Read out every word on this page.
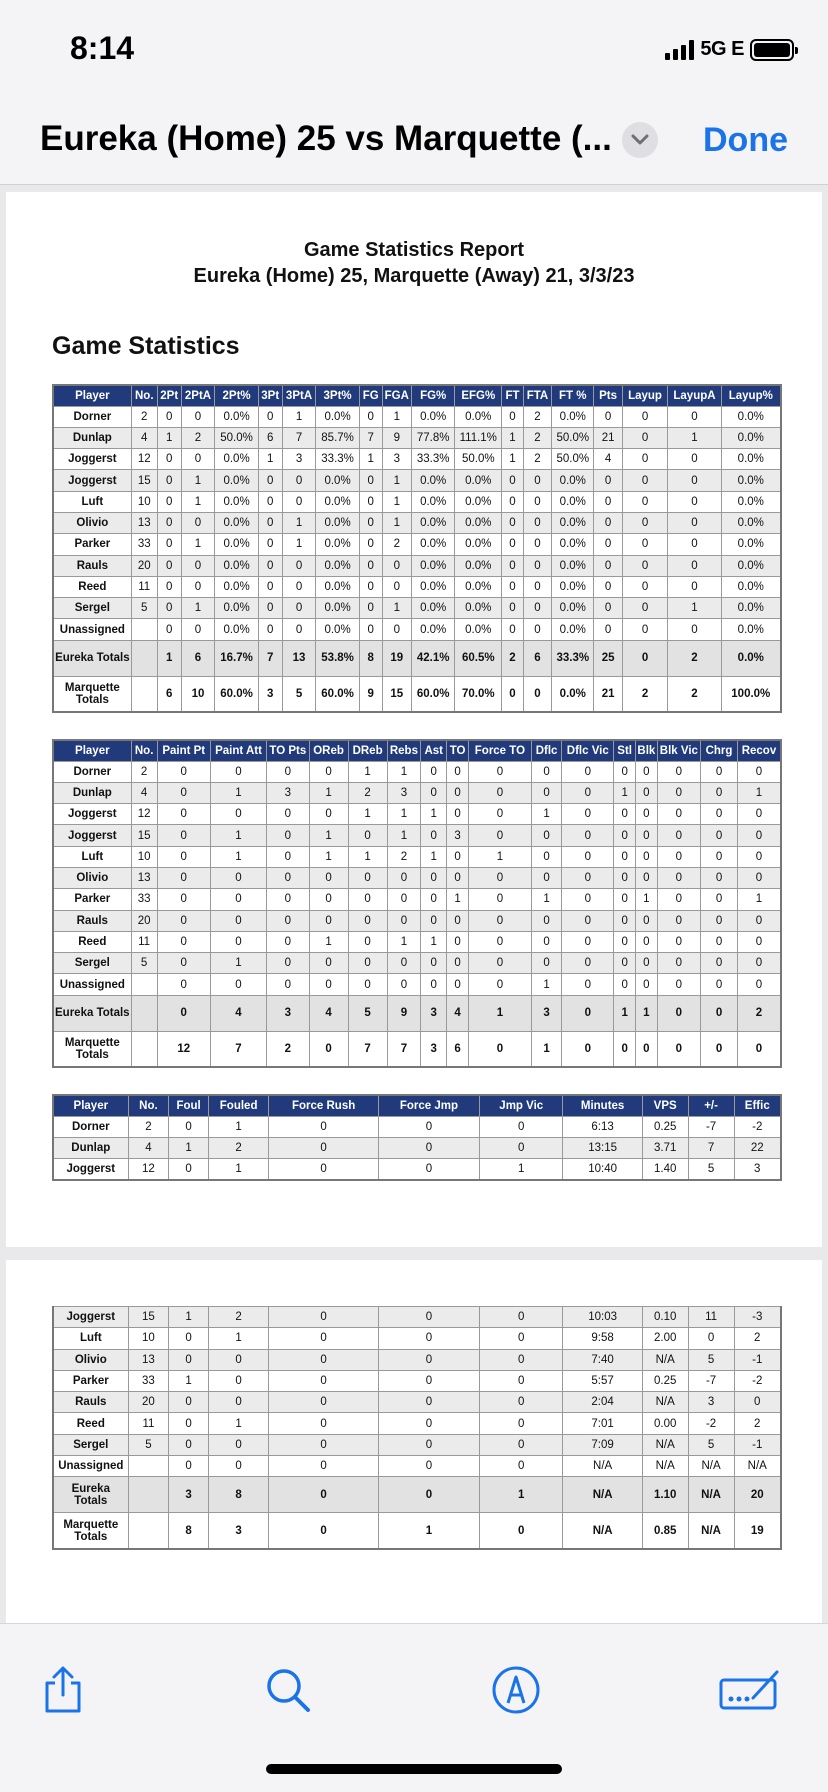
8:14	5G E
Eureka (Home) 25 vs Marquette (...	Done
Game Statistics Report
Eureka (Home) 25, Marquette (Away) 21, 3/3/23
Game Statistics
Player	No.	2Pt	2PtA	2Pt%	3Pt	3PtA	3Pt%	FG	FGA	FG%	EFG%	FT	FTA	FT %	Pts	Layup	LayupA	Layup%
Dorner	2	0	0	0.0%	0	1	0.0%	0	1	0.0%	0.0%	0	2	0.0%	0	0	0	0.0%
Dunlap	4	1	2	50.0%	6	7	85.7%	7	9	77.8%	111.1%	1	2	50.0%	21	0	1	0.0%
Joggerst	12	0	0	0.0%	1	3	33.3%	1	3	33.3%	50.0%	1	2	50.0%	4	0	0	0.0%
Joggerst	15	0	1	0.0%	0	0	0.0%	0	1	0.0%	0.0%	0	0	0.0%	0	0	0	0.0%
Luft	10	0	1	0.0%	0	0	0.0%	0	1	0.0%	0.0%	0	0	0.0%	0	0	0	0.0%
Olivio	13	0	0	0.0%	0	1	0.0%	0	1	0.0%	0.0%	0	0	0.0%	0	0	0	0.0%
Parker	33	0	1	0.0%	0	1	0.0%	0	2	0.0%	0.0%	0	0	0.0%	0	0	0	0.0%
Rauls	20	0	0	0.0%	0	0	0.0%	0	0	0.0%	0.0%	0	0	0.0%	0	0	0	0.0%
Reed	11	0	0	0.0%	0	0	0.0%	0	0	0.0%	0.0%	0	0	0.0%	0	0	0	0.0%
Sergel	5	0	1	0.0%	0	0	0.0%	0	1	0.0%	0.0%	0	0	0.0%	0	0	1	0.0%
Unassigned		0	0	0.0%	0	0	0.0%	0	0	0.0%	0.0%	0	0	0.0%	0	0	0	0.0%
Eureka Totals		1	6	16.7%	7	13	53.8%	8	19	42.1%	60.5%	2	6	33.3%	25	0	2	0.0%
Marquette Totals		6	10	60.0%	3	5	60.0%	9	15	60.0%	70.0%	0	0	0.0%	21	2	2	100.0%
Player	No.	Paint Pt	Paint Att	TO Pts	OReb	DReb	Rebs	Ast	TO	Force TO	Dflc	Dflc Vic	Stl	Blk	Blk Vic	Chrg	Recov
Dorner	2	0	0	0	0	1	1	0	0	0	0	0	0	0	0	0	0
Dunlap	4	0	1	3	1	2	3	0	0	0	0	0	1	0	0	0	1
Joggerst	12	0	0	0	0	1	1	1	0	0	1	0	0	0	0	0	0
Joggerst	15	0	1	0	1	0	1	0	3	0	0	0	0	0	0	0	0
Luft	10	0	1	0	1	1	2	1	0	1	0	0	0	0	0	0	0
Olivio	13	0	0	0	0	0	0	0	0	0	0	0	0	0	0	0	0
Parker	33	0	0	0	0	0	0	0	1	0	1	0	0	1	0	0	1
Rauls	20	0	0	0	0	0	0	0	0	0	0	0	0	0	0	0	0
Reed	11	0	0	0	1	0	1	1	0	0	0	0	0	0	0	0	0
Sergel	5	0	1	0	0	0	0	0	0	0	0	0	0	0	0	0	0
Unassigned		0	0	0	0	0	0	0	0	0	1	0	0	0	0	0	0
Eureka Totals		0	4	3	4	5	9	3	4	1	3	0	1	1	0	0	2
Marquette Totals		12	7	2	0	7	7	3	6	0	1	0	0	0	0	0	0
Player	No.	Foul	Fouled	Force Rush	Force Jmp	Jmp Vic	Minutes	VPS	+/-	Effic
Dorner	2	0	1	0	0	0	6:13	0.25	-7	-2
Dunlap	4	1	2	0	0	0	13:15	3.71	7	22
Joggerst	12	0	1	0	0	1	10:40	1.40	5	3
Joggerst	15	1	2	0	0	0	10:03	0.10	11	-3
Luft	10	0	1	0	0	0	9:58	2.00	0	2
Olivio	13	0	0	0	0	0	7:40	N/A	5	-1
Parker	33	1	0	0	0	0	5:57	0.25	-7	-2
Rauls	20	0	0	0	0	0	2:04	N/A	3	0
Reed	11	0	1	0	0	0	7:01	0.00	-2	2
Sergel	5	0	0	0	0	0	7:09	N/A	5	-1
Unassigned		0	0	0	0	0	N/A	N/A	N/A	N/A
Eureka Totals		3	8	0	0	1	N/A	1.10	N/A	20
Marquette Totals		8	3	0	1	0	N/A	0.85	N/A	19
